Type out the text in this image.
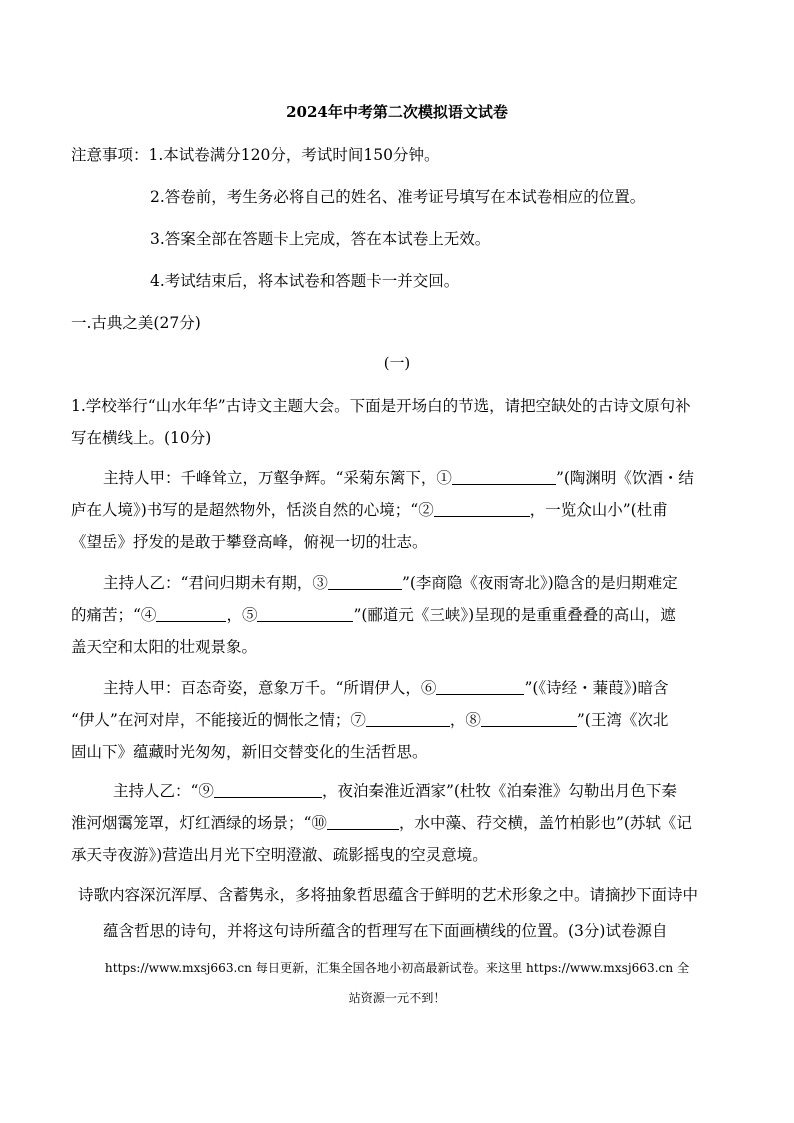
2024年中考第二次模拟语文试卷
注意事项：1.本试卷满分120分，考试时间150分钟。
2.答卷前，考生务必将自己的姓名、准考证号填写在本试卷相应的位置。
3.答案全部在答题卡上完成，答在本试卷上无效。
4.考试结束后，将本试卷和答题卡一并交回。
一.古典之美(27分)
(一)
1.学校举行“山水年华”古诗文主题大会。下面是开场白的节选，请把空缺处的古诗文原句补
写在横线上。(10分)
主持人甲：千峰耸立，万壑争辉。“采菊东篱下，①	”(陶渊明《饮酒・结
庐在人境》)书写的是超然物外，恬淡自然的心境；“②	，一览众山小”(杜甫
《望岳》抒发的是敢于攀登高峰，俯视一切的壮志。
主持人乙：“君问归期未有期，③	”(李商隐《夜雨寄北》)隐含的是归期难定
的痛苦；“④	，⑤	”(郦道元《三峡》)呈现的是重重叠叠的高山，遮
盖天空和太阳的壮观景象。
主持人甲：百态奇姿，意象万千。“所谓伊人，⑥	”(《诗经・蒹葭》)暗含
“伊人”在河对岸，不能接近的惆怅之情；⑦	，⑧	”(王湾《次北
固山下》蕴藏时光匆匆，新旧交替变化的生活哲思。
主持人乙：“⑨	，夜泊秦淮近酒家”(杜牧《泊秦淮》勾勒出月色下秦
淮河烟霭笼罩，灯红酒绿的场景；“⑩	，水中藻、荇交横，盖竹柏影也”(苏轼《记
承天寺夜游》)营造出月光下空明澄澈、疏影摇曳的空灵意境。
诗歌内容深沉浑厚、含蓄隽永，多将抽象哲思蕴含于鲜明的艺术形象之中。请摘抄下面诗中
蕴含哲思的诗句，并将这句诗所蕴含的哲理写在下面画横线的位置。(3分)试卷源自
https://www.mxsj663.cn 每日更新，汇集全国各地小初高最新试卷。来这里 https://www.mxsj663.cn 全
站资源一元不到！
